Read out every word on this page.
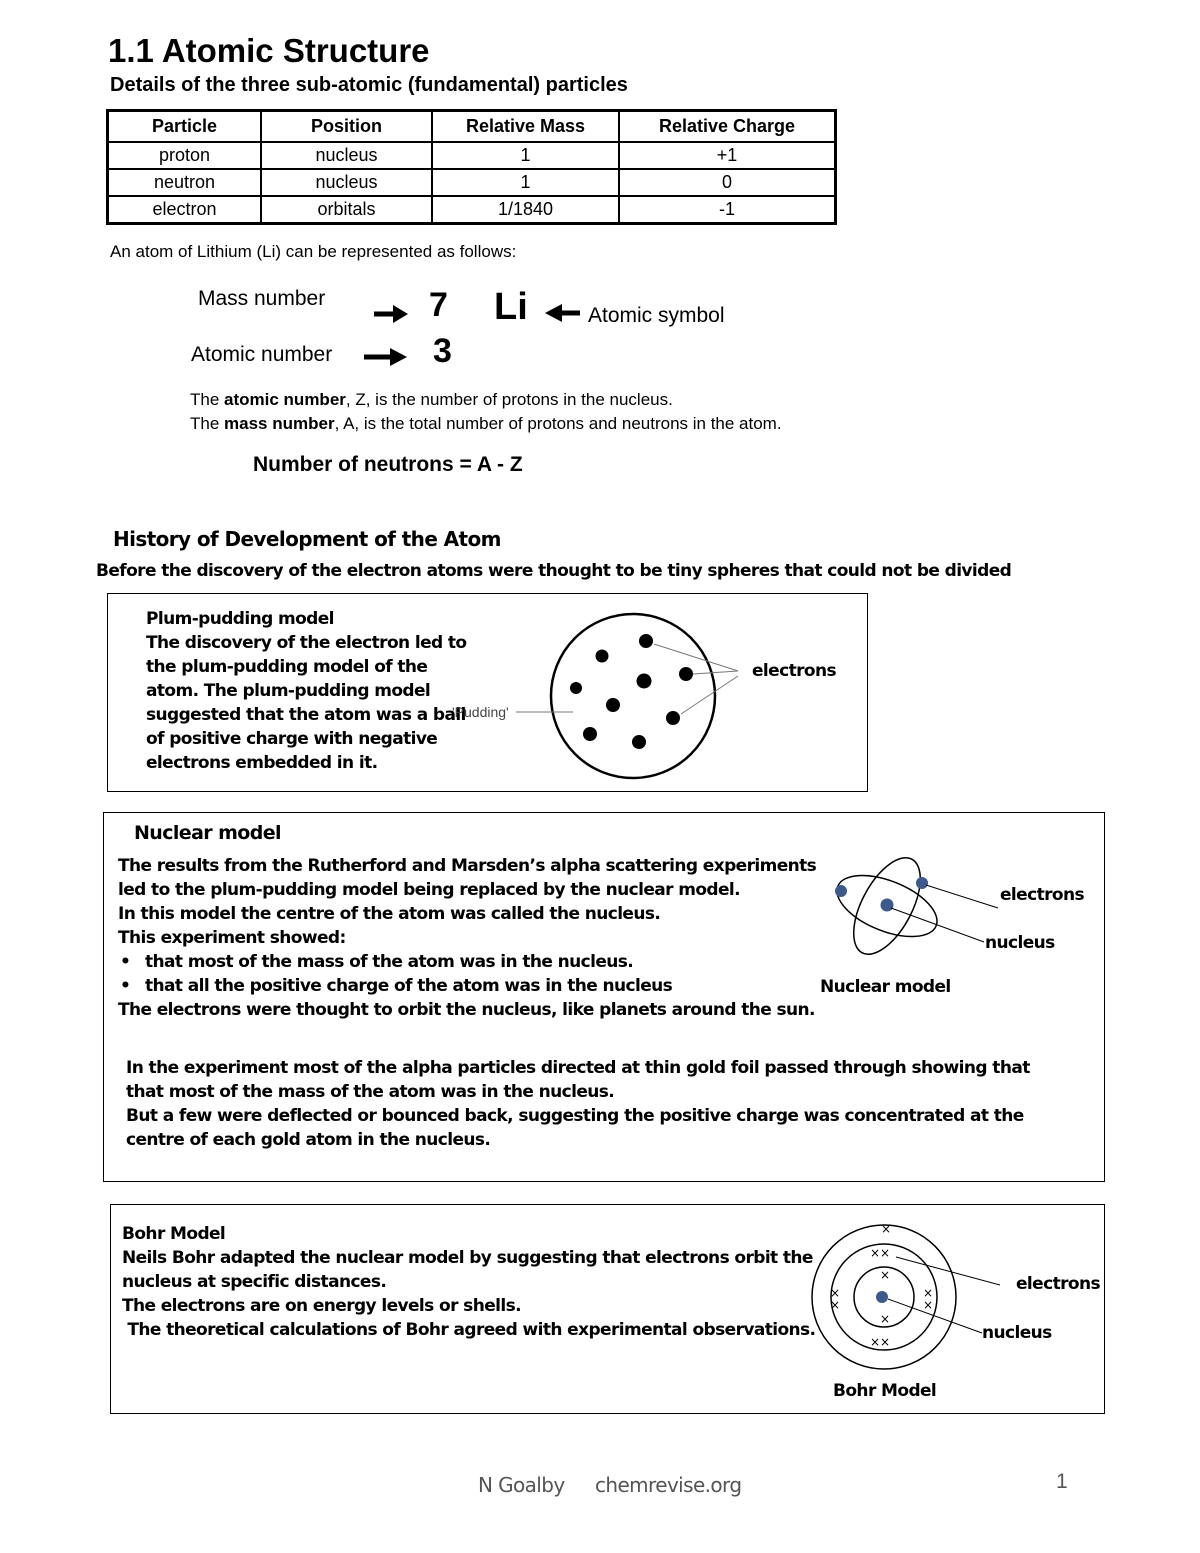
1.1 Atomic Structure
Details of the three sub-atomic (fundamental) particles
Particle	Position	Relative Mass	Relative Charge
proton	nucleus	1	+1
neutron	nucleus	1	0
electron	orbitals	1/1840	-1
An atom of Lithium (Li) can be represented as follows:
Mass number
Atomic number
7
3
Li	Atomic symbol
The atomic number, Z, is the number of protons in the nucleus.
The mass number, A, is the total number of protons and neutrons in the atom.
Number of neutrons = A - Z
History of Development of the Atom
Before the discovery of the electron atoms were thought to be tiny spheres that could not be divided
Plum-pudding model
The discovery of the electron led to
the plum-pudding model of the
atom. The plum-pudding model
suggested that the atom was a ball
of positive charge with negative
electrons embedded in it.
'Pudding'
electrons
Nuclear model
The results from the Rutherford and Marsden’s alpha scattering experiments
led to the plum-pudding model being replaced by the nuclear model.
In this model the centre of the atom was called the nucleus.
This experiment showed:
• that most of the mass of the atom was in the nucleus.
• that all the positive charge of the atom was in the nucleus
The electrons were thought to orbit the nucleus, like planets around the sun.
In the experiment most of the alpha particles directed at thin gold foil passed through showing that
that most of the mass of the atom was in the nucleus.
But a few were deflected or bounced back, suggesting the positive charge was concentrated at the
centre of each gold atom in the nucleus.
electrons
nucleus
Nuclear model
Bohr Model
Neils Bohr adapted the nuclear model by suggesting that electrons orbit the
nucleus at specific distances.
The electrons are on energy levels or shells.
The theoretical calculations of Bohr agreed with experimental observations.
×
××
××
×
×
×
×
×
×
electrons
nucleus
Bohr Model
N Goalby chemrevise.org	1
